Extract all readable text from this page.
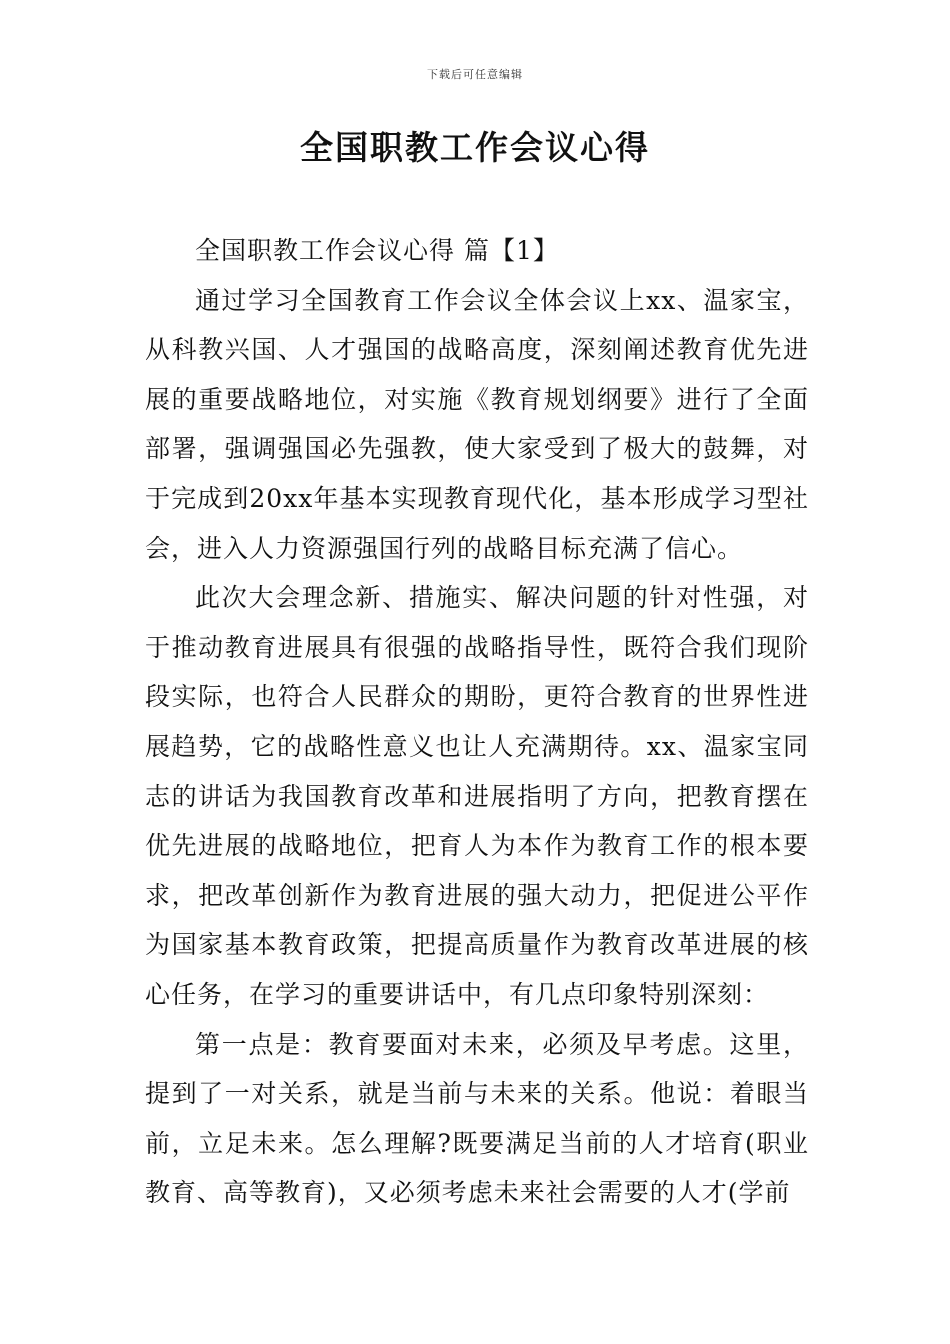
下载后可任意编辑
全国职教工作会议心得

全国职教工作会议心得 篇【1】

通过学习全国教育工作会议全体会议上xx、温家宝，从科教兴国、人才强国的战略高度，深刻阐述教育优先进展的重要战略地位，对实施《教育规划纲要》进行了全面部署，强调强国必先强教，使大家受到了极大的鼓舞，对于完成到20xx年基本实现教育现代化，基本形成学习型社会，进入人力资源强国行列的战略目标充满了信心。

此次大会理念新、措施实、解决问题的针对性强，对于推动教育进展具有很强的战略指导性，既符合我们现阶段实际，也符合人民群众的期盼，更符合教育的世界性进展趋势，它的战略性意义也让人充满期待。xx、温家宝同志的讲话为我国教育改革和进展指明了方向，把教育摆在优先进展的战略地位，把育人为本作为教育工作的根本要求，把改革创新作为教育进展的强大动力，把促进公平作为国家基本教育政策，把提高质量作为教育改革进展的核心任务，在学习的重要讲话中，有几点印象特别深刻：

第一点是：教育要面对未来，必须及早考虑。这里，提到了一对关系，就是当前与未来的关系。他说：着眼当前，立足未来。怎么理解?既要满足当前的人才培育(职业教育、高等教育)，又必须考虑未来社会需要的人才(学前
